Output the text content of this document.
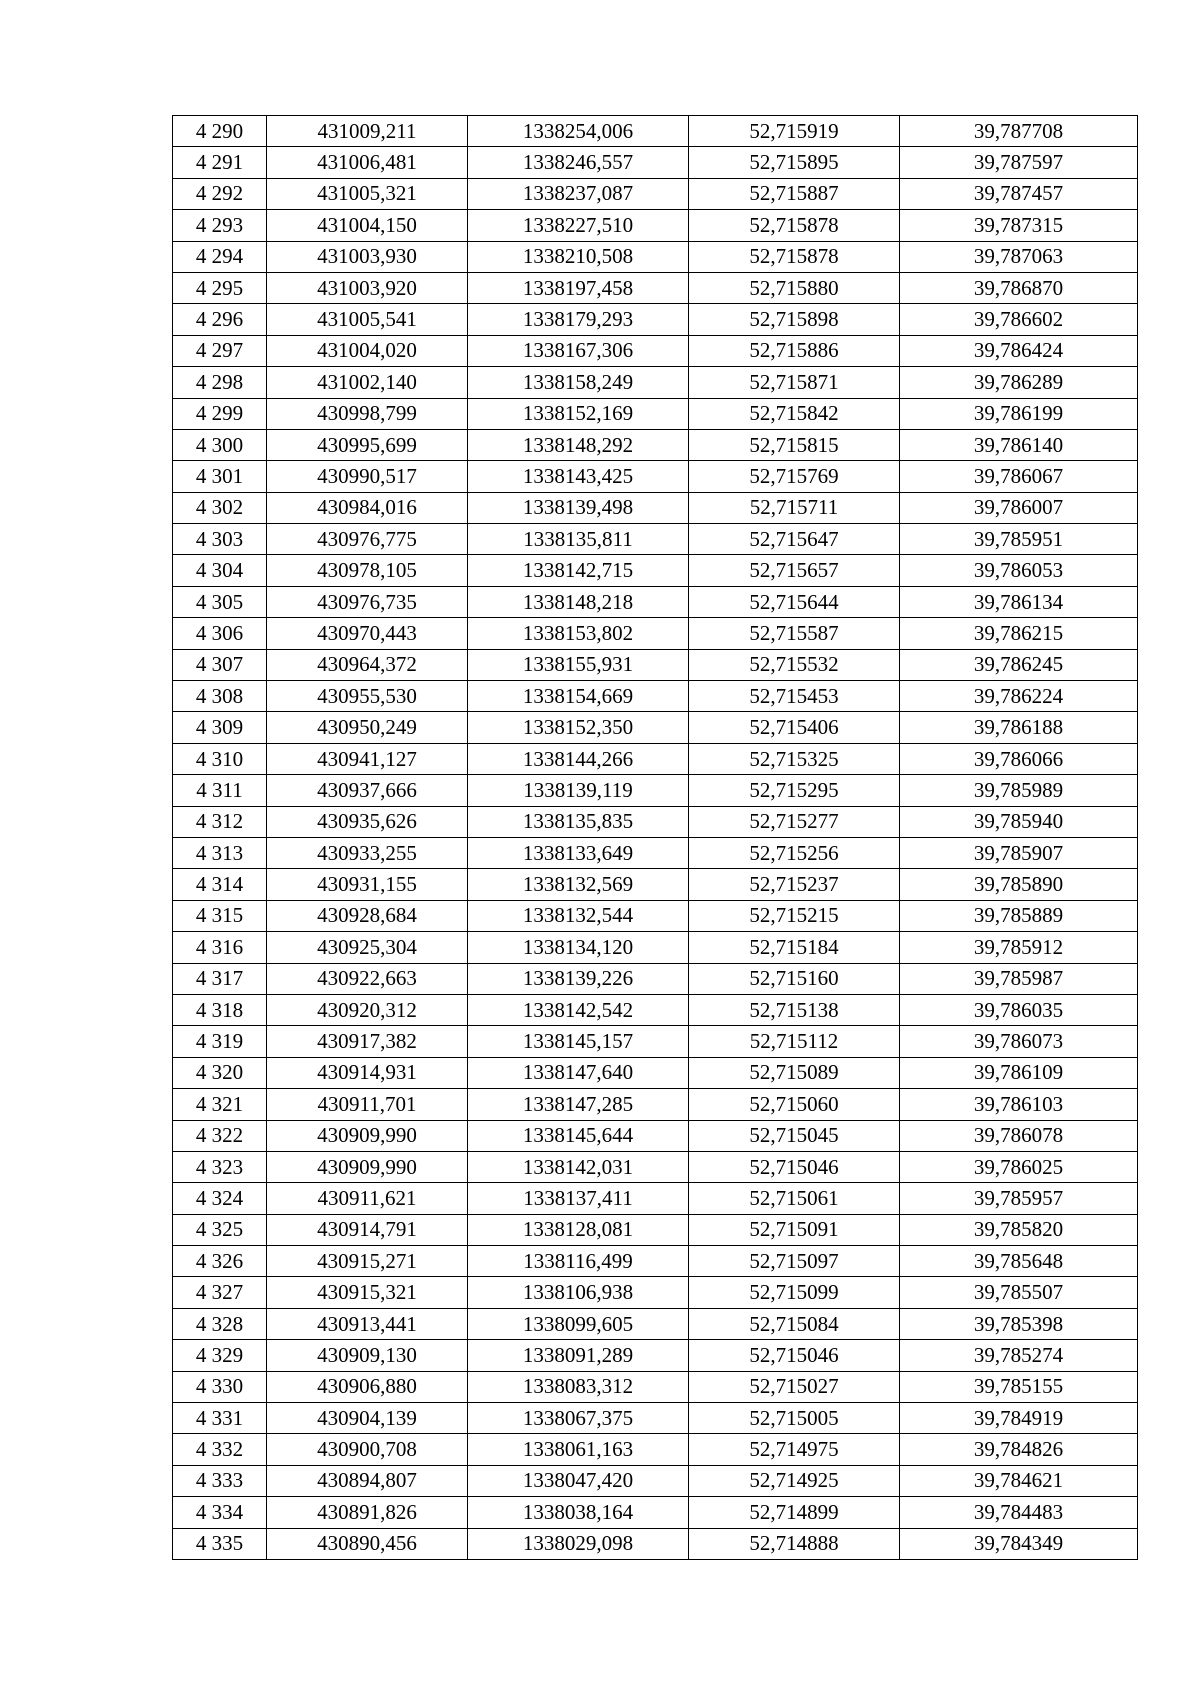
4 290	431009,211	1338254,006	52,715919	39,787708
4 291	431006,481	1338246,557	52,715895	39,787597
4 292	431005,321	1338237,087	52,715887	39,787457
4 293	431004,150	1338227,510	52,715878	39,787315
4 294	431003,930	1338210,508	52,715878	39,787063
4 295	431003,920	1338197,458	52,715880	39,786870
4 296	431005,541	1338179,293	52,715898	39,786602
4 297	431004,020	1338167,306	52,715886	39,786424
4 298	431002,140	1338158,249	52,715871	39,786289
4 299	430998,799	1338152,169	52,715842	39,786199
4 300	430995,699	1338148,292	52,715815	39,786140
4 301	430990,517	1338143,425	52,715769	39,786067
4 302	430984,016	1338139,498	52,715711	39,786007
4 303	430976,775	1338135,811	52,715647	39,785951
4 304	430978,105	1338142,715	52,715657	39,786053
4 305	430976,735	1338148,218	52,715644	39,786134
4 306	430970,443	1338153,802	52,715587	39,786215
4 307	430964,372	1338155,931	52,715532	39,786245
4 308	430955,530	1338154,669	52,715453	39,786224
4 309	430950,249	1338152,350	52,715406	39,786188
4 310	430941,127	1338144,266	52,715325	39,786066
4 311	430937,666	1338139,119	52,715295	39,785989
4 312	430935,626	1338135,835	52,715277	39,785940
4 313	430933,255	1338133,649	52,715256	39,785907
4 314	430931,155	1338132,569	52,715237	39,785890
4 315	430928,684	1338132,544	52,715215	39,785889
4 316	430925,304	1338134,120	52,715184	39,785912
4 317	430922,663	1338139,226	52,715160	39,785987
4 318	430920,312	1338142,542	52,715138	39,786035
4 319	430917,382	1338145,157	52,715112	39,786073
4 320	430914,931	1338147,640	52,715089	39,786109
4 321	430911,701	1338147,285	52,715060	39,786103
4 322	430909,990	1338145,644	52,715045	39,786078
4 323	430909,990	1338142,031	52,715046	39,786025
4 324	430911,621	1338137,411	52,715061	39,785957
4 325	430914,791	1338128,081	52,715091	39,785820
4 326	430915,271	1338116,499	52,715097	39,785648
4 327	430915,321	1338106,938	52,715099	39,785507
4 328	430913,441	1338099,605	52,715084	39,785398
4 329	430909,130	1338091,289	52,715046	39,785274
4 330	430906,880	1338083,312	52,715027	39,785155
4 331	430904,139	1338067,375	52,715005	39,784919
4 332	430900,708	1338061,163	52,714975	39,784826
4 333	430894,807	1338047,420	52,714925	39,784621
4 334	430891,826	1338038,164	52,714899	39,784483
4 335	430890,456	1338029,098	52,714888	39,784349
